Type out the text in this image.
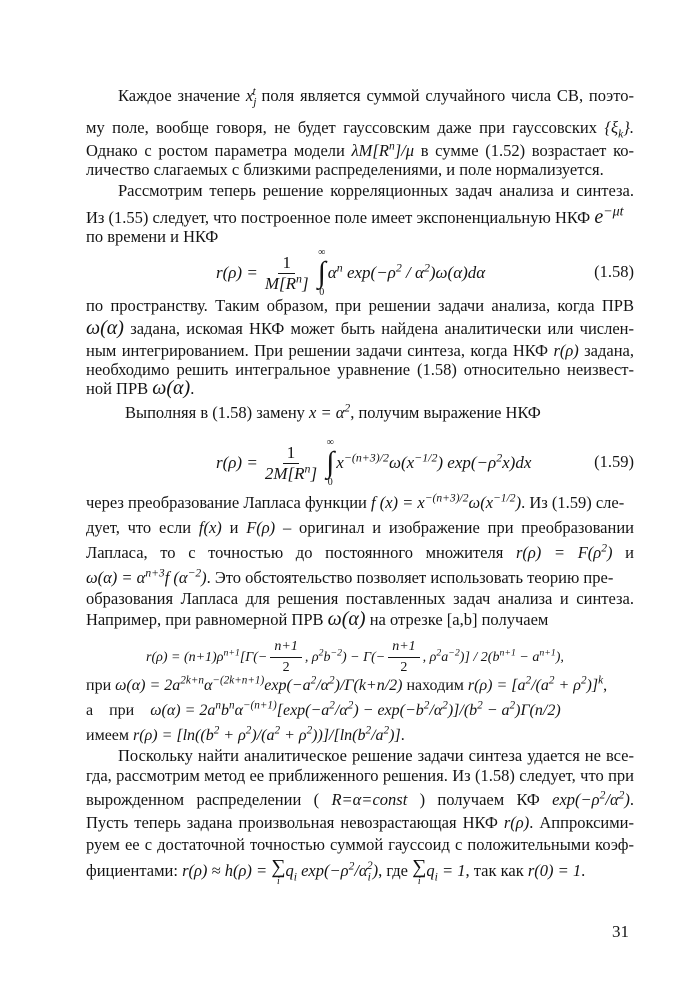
Каждое значение $x_j^t$ поля является суммой случайного числа СВ, поэто-
му поле, вообще говоря, не будет гауссовским даже при гауссовских $\{\xi_k\}$.
Однако с ростом параметра модели $\lambda M[R^n]/\mu$ в сумме (1.52) возрастает ко-
личество слагаемых с близкими распределениями, и поле нормализуется.
Рассмотрим теперь решение корреляционных задач анализа и синтеза.
Из (1.55) следует, что построенное поле имеет экспоненциальную НКФ $e^{-\mu t}$
по времени и НКФ
$r(\rho) = \frac{1}{M[R^n]}$
∞
∫
0
$\alpha^n$ $\exp(-\rho^2 / \alpha^2)\omega(\alpha)d\alpha$	(1.58)
по пространству. Таким образом, при решении задачи анализа, когда ПРВ
ω(α) задана, искомая НКФ может быть найдена аналитически или числен-
ным интегрированием. При решении задачи синтеза, когда НКФ r(ρ) задана,
необходимо решить интегральное уравнение (1.58) относительно неизвест-
ной ПРВ ω(α).
Выполняя в (1.58) замену $x = \alpha^2$, получим выражение НКФ
$r(\rho) = \frac{1}{2M[R^n]}$
∞
∫
0
$x^{-(n+3)/2}\omega(x^{-1/2})$ $\exp(-\rho^2x)dx$	(1.59)
через преобразование Лапласа функции f $(x) = x^{-(n+3)/2}\omega(x^{-1/2})$. Из (1.59) сле-
дует, что если f(x) и F(ρ) – оригинал и изображение при преобразовании
Лапласа, то с точностью до постоянного множителя $r(\rho) = F(\rho^2)$ и
$\omega(\alpha) = \alpha^{n+3}f$ $(\alpha^{-2})$. Это обстоятельство позволяет использовать теорию пре-
образования Лапласа для решения поставленных задач анализа и синтеза.
Например, при равномерной ПРВ ω(α) на отрезке [a,b] получаем
$r(\rho) = (n+1)\rho^{n+1}[\Gamma(- \frac{n+1}{2}$ , $\rho^2b^{-2}) - \Gamma(- \frac{n+1}{2}$ , $\rho^2a^{-2})] / 2(b^{n+1} - a^{n+1})$,
при $\omega(\alpha) = 2a^{2k+n}\alpha^{-(2k+n+1)}\exp(-a^2/\alpha^2)/\Gamma(k+n/2)$ находим $r(\rho) = [a^2/(a^2 + \rho^2)]^k$,
а    при    $\omega(\alpha) = 2a^nb^n\alpha^{-(n+1)}[\exp(-a^2/\alpha^2) - \exp(-b^2/\alpha^2)]/(b^2 - a^2)\Gamma(n/2)$
имеем $r(\rho) = [\ln((b^2 + \rho^2)/(a^2 + \rho^2))]/[\ln(b^2/a^2)]$.
Поскольку найти аналитическое решение задачи синтеза удается не все-
гда, рассмотрим метод ее приближенного решения. Из (1.58) следует, что при
вырожденном распределении ( R=α=const ) получаем КФ $\exp(-\rho^2/\alpha^2)$.
Пусть теперь задана произвольная невозрастающая НКФ r(ρ). Аппроксими-
руем ее с достаточной точностью суммой гауссоид с положительными коэф-
фициентами: r(ρ) ≈ h(ρ) = ∑
i
$q_i$ $\exp(-\rho^2/\alpha_i^2)$, где ∑
i
$q_i = 1$, так как r(0) = 1.
31
